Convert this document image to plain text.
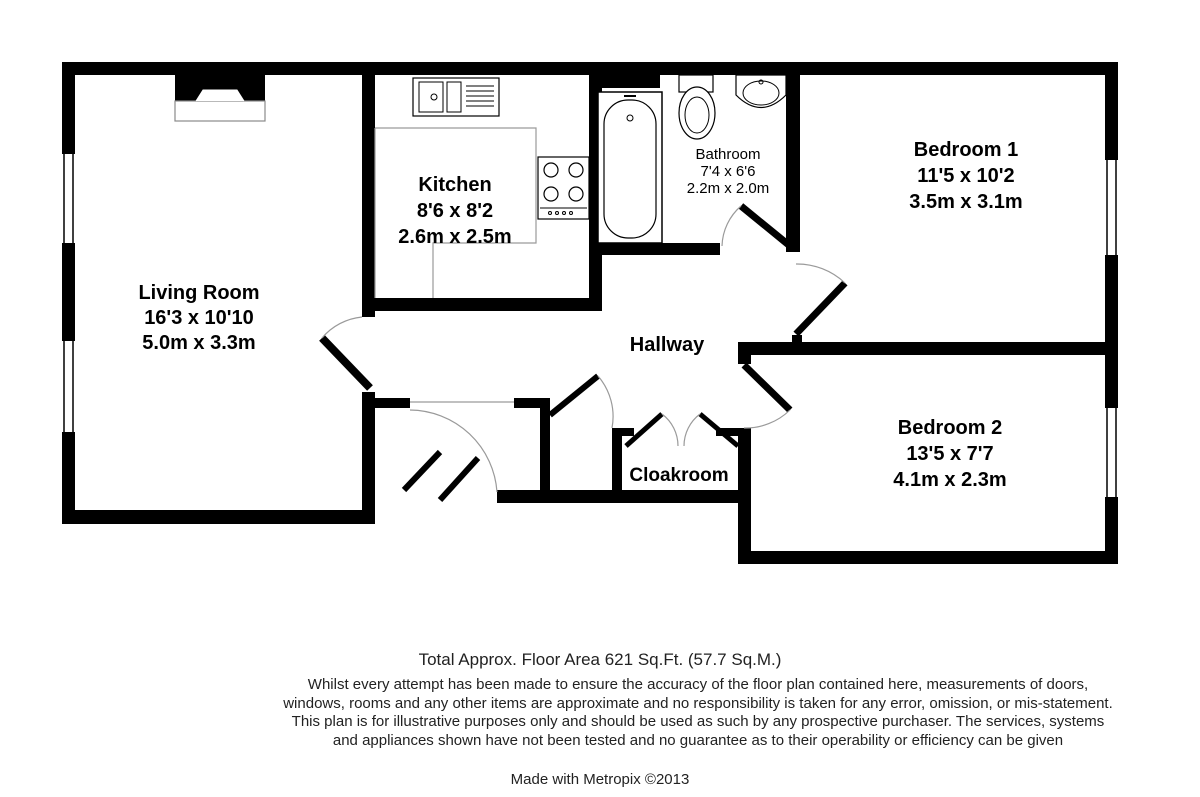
Living Room
16'3 x 10'10
5.0m x 3.3m
Kitchen
8'6 x 8'2
2.6m x 2.5m
Bathroom
7'4 x 6'6
2.2m x 2.0m
Bedroom 1
11'5 x 10'2
3.5m x 3.1m
Bedroom 2
13'5 x 7'7
4.1m x 2.3m
Hallway
Cloakroom
Total Approx. Floor Area 621 Sq.Ft. (57.7 Sq.M.)
Whilst every attempt has been made to ensure the accuracy of the floor plan contained here, measurements of doors, windows, rooms and any other items are approximate and no responsibility is taken for any error, omission, or mis-statement. This plan is for illustrative purposes only and should be used as such by any prospective purchaser. The services, systems and appliances shown have not been tested and no guarantee as to their operability or efficiency can be given
Made with Metropix ©2013
